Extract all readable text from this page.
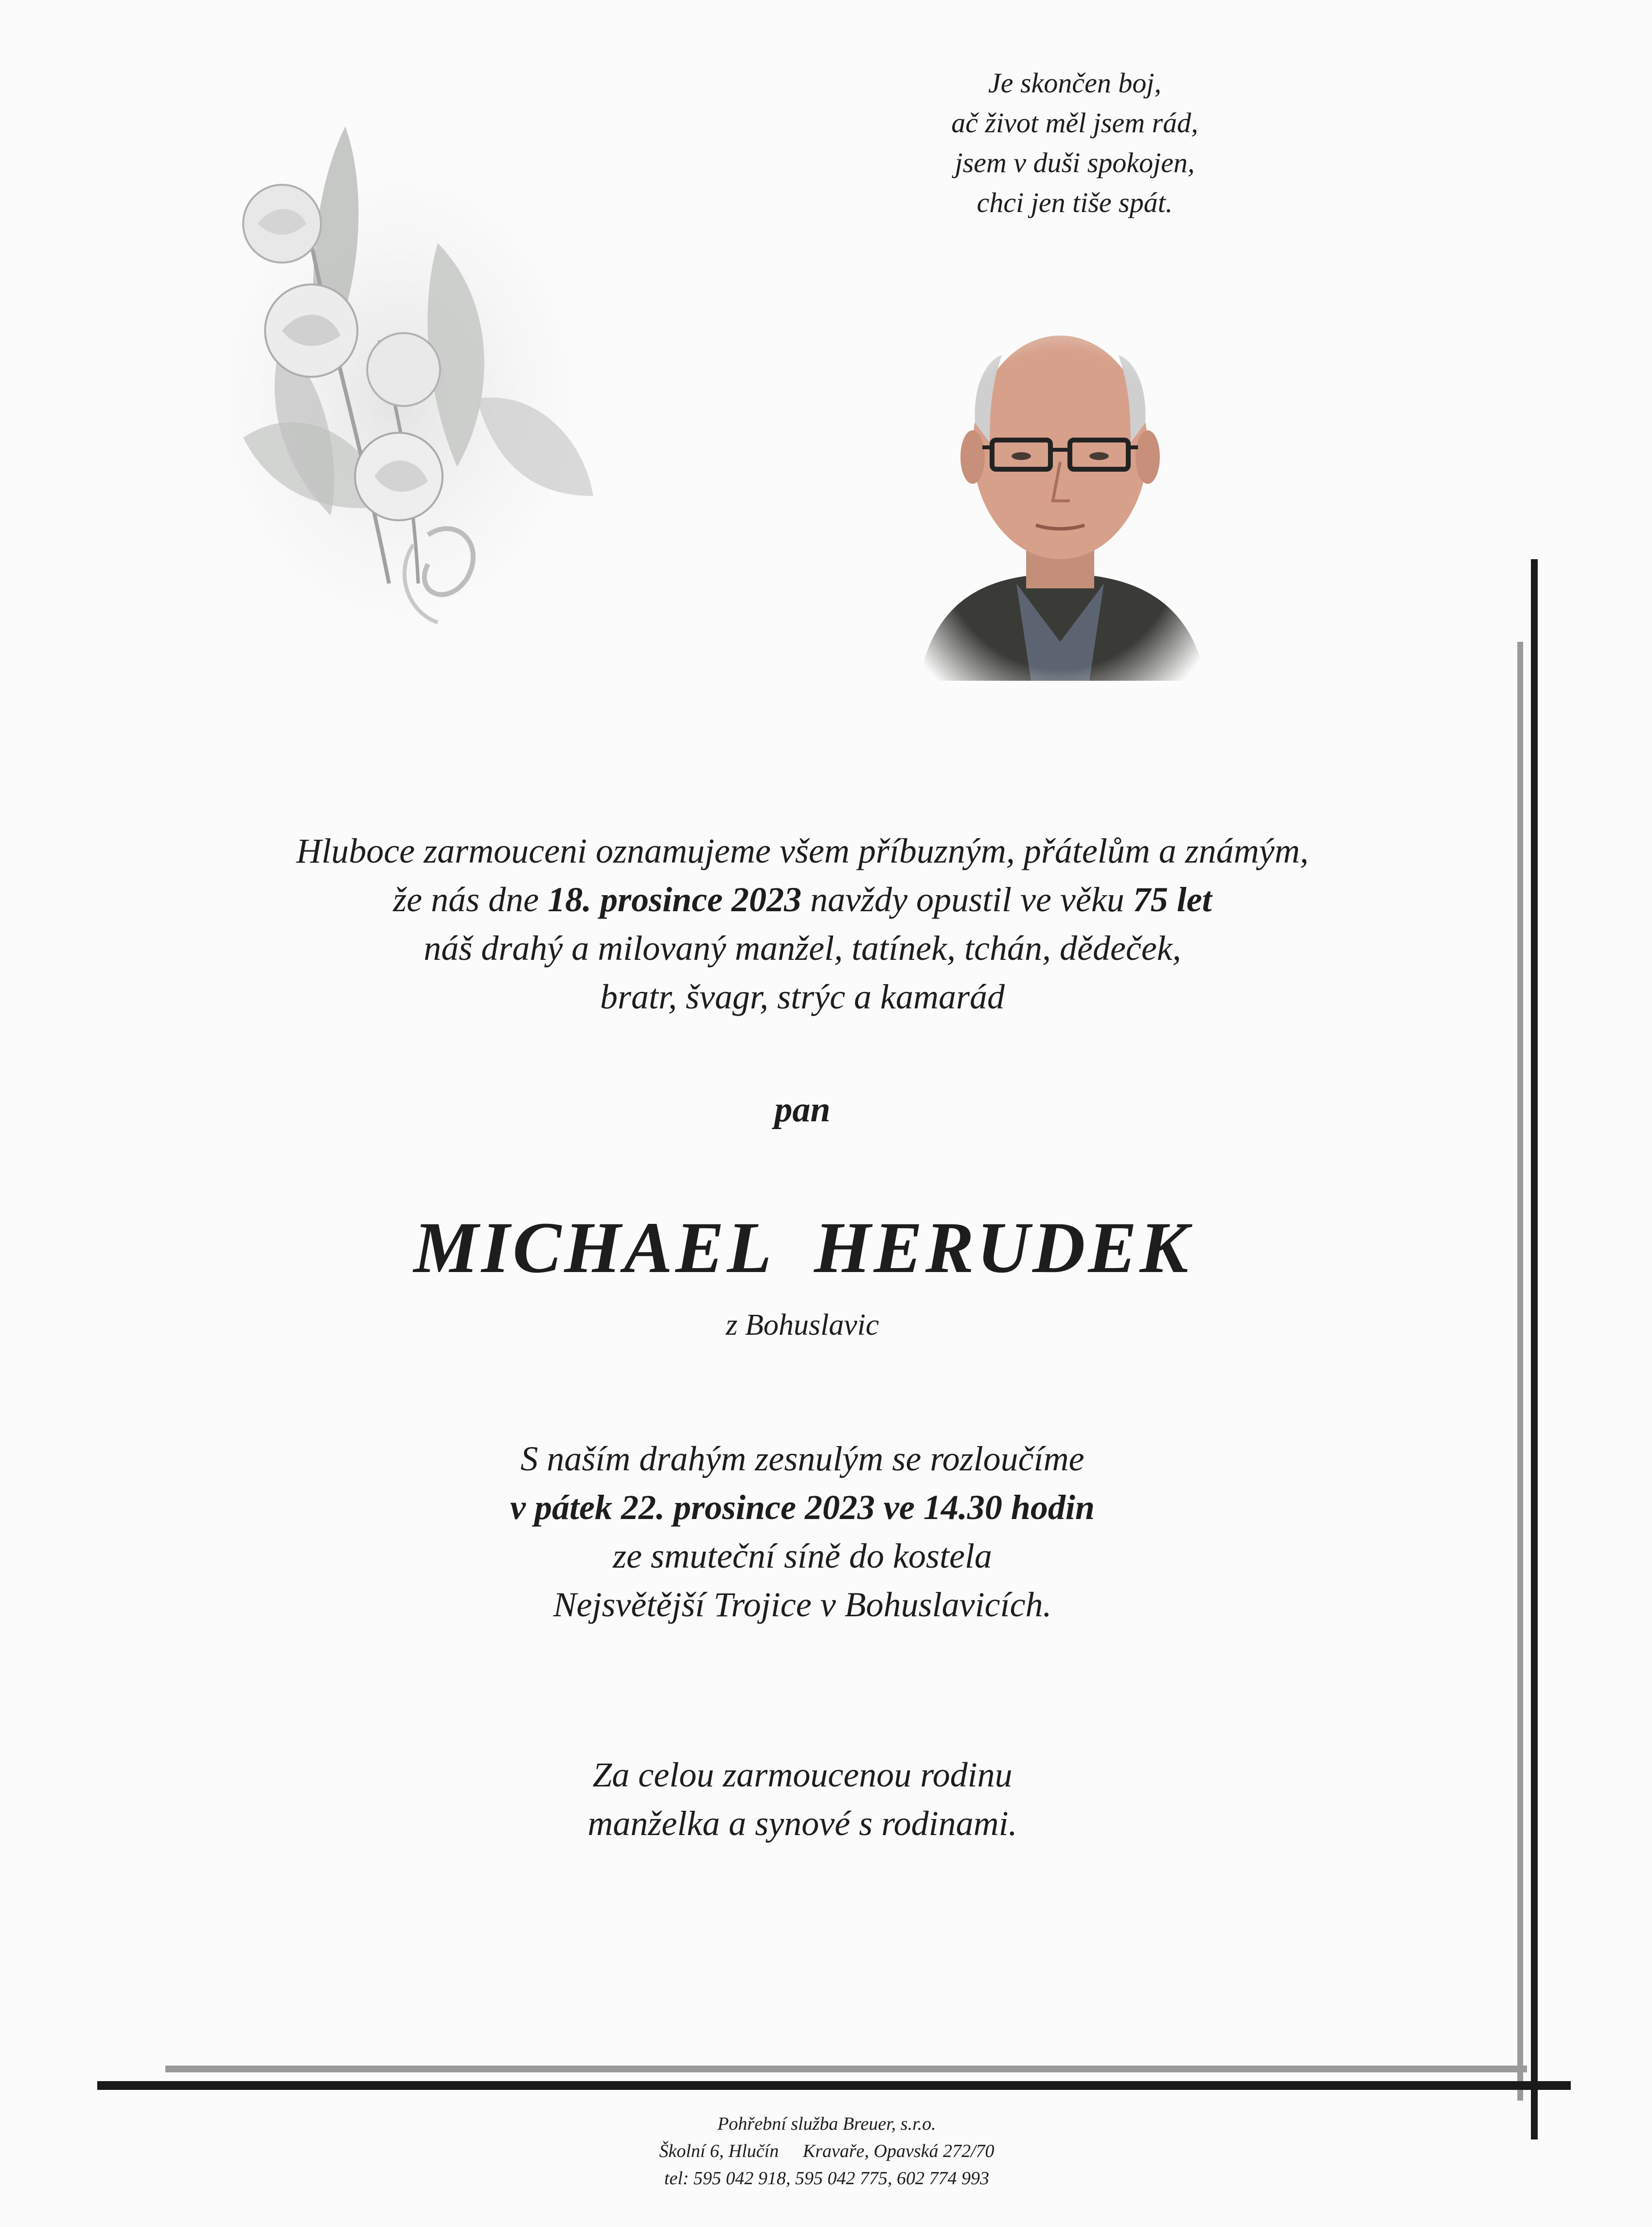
Je skončen boj,
ač život měl jsem rád,
jsem v duši spokojen,
chci jen tiše spát.
Hluboce zarmouceni oznamujeme všem příbuzným, přátelům a známým,
že nás dne 18. prosince 2023 navždy opustil ve věku 75 let
náš drahý a milovaný manžel, tatínek, tchán, dědeček,
bratr, švagr, strýc a kamarád
pan
MICHAEL  HERUDEK
z Bohuslavic
S naším drahým zesnulým se rozloučíme
v pátek 22. prosince 2023 ve 14.30 hodin
ze smuteční síně do kostela
Nejsvětější Trojice v Bohuslavicích.
Za celou zarmoucenou rodinu
manželka a synové s rodinami.
Pohřební služba Breuer, s.r.o.
Školní 6, Hlučín Kravaře, Opavská 272/70
tel: 595 042 918, 595 042 775, 602 774 993
